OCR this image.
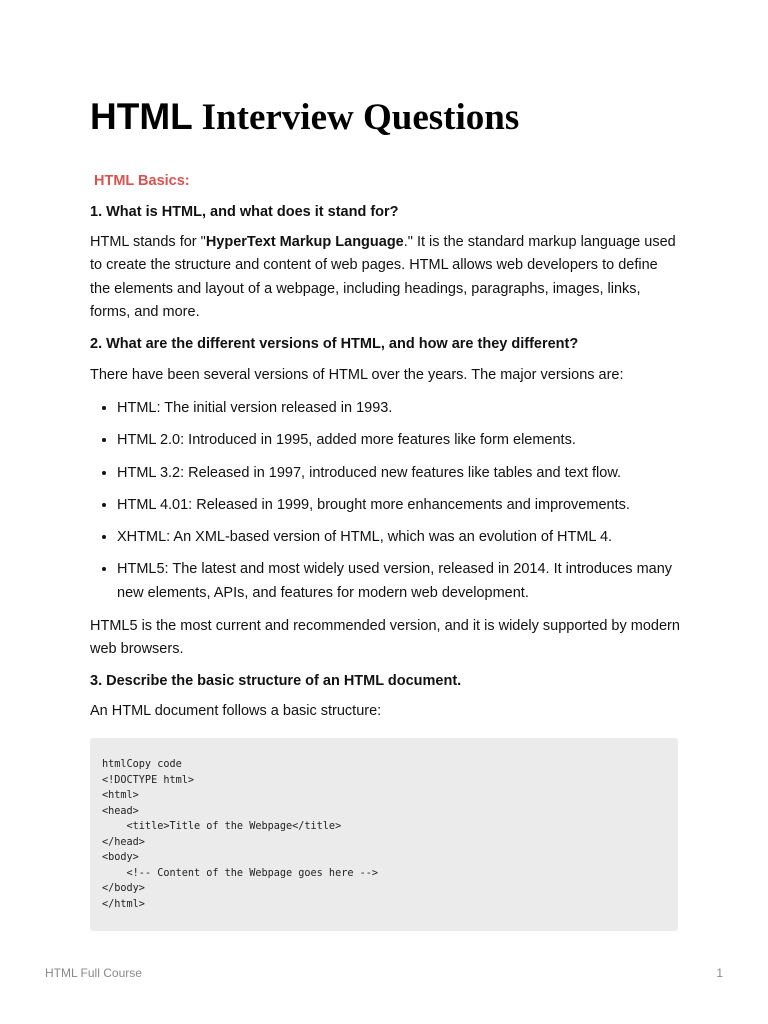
HTML Interview Questions
HTML Basics:

1. What is HTML, and what does it stand for?

HTML stands for "HyperText Markup Language." It is the standard markup language used to create the structure and content of web pages. HTML allows web developers to define the elements and layout of a webpage, including headings, paragraphs, images, links, forms, and more.

2. What are the different versions of HTML, and how are they different?

There have been several versions of HTML over the years. The major versions are:

• HTML: The initial version released in 1993.
• HTML 2.0: Introduced in 1995, added more features like form elements.
• HTML 3.2: Released in 1997, introduced new features like tables and text flow.
• HTML 4.01: Released in 1999, brought more enhancements and improvements.
• XHTML: An XML-based version of HTML, which was an evolution of HTML 4.
• HTML5: The latest and most widely used version, released in 2014. It introduces many new elements, APIs, and features for modern web development.

HTML5 is the most current and recommended version, and it is widely supported by modern web browsers.

3. Describe the basic structure of an HTML document.

An HTML document follows a basic structure:

htmlCopy code
<!DOCTYPE html>
<html>
<head>
<title>Title of the Webpage</title>
</head>
<body>
<!-- Content of the Webpage goes here -->
</body>
</html>
HTML Full Course	1
